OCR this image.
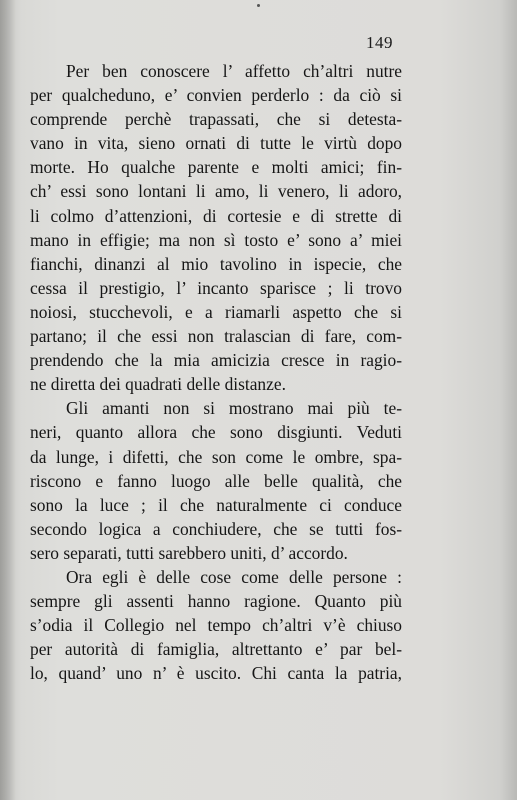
149
Per ben conoscere l’ affetto ch’altri nutre
per qualcheduno, e’ convien perderlo : da ciò si
comprende perchè trapassati, che si detesta-
vano in vita, sieno ornati di tutte le virtù dopo
morte. Ho qualche parente e molti amici; fin-
ch’ essi sono lontani li amo, li venero, li adoro,
li colmo d’attenzioni, di cortesie e di strette di
mano in effigie; ma non sì tosto e’ sono a’ miei
fianchi, dinanzi al mio tavolino in ispecie, che
cessa il prestigio, l’ incanto sparisce ; li trovo
noiosi, stucchevoli, e a riamarli aspetto che si
partano; il che essi non tralascian di fare, com-
prendendo che la mia amicizia cresce in ragio-
ne diretta dei quadrati delle distanze.
Gli amanti non si mostrano mai più te-
neri, quanto allora che sono disgiunti. Veduti
da lunge, i difetti, che son come le ombre, spa-
riscono e fanno luogo alle belle qualità, che
sono la luce ; il che naturalmente ci conduce
secondo logica a conchiudere, che se tutti fos-
sero separati, tutti sarebbero uniti, d’ accordo.
Ora egli è delle cose come delle persone :
sempre gli assenti hanno ragione. Quanto più
s’odia il Collegio nel tempo ch’altri v’è chiuso
per autorità di famiglia, altrettanto e’ par bel-
lo, quand’ uno n’ è uscito. Chi canta la patria,
